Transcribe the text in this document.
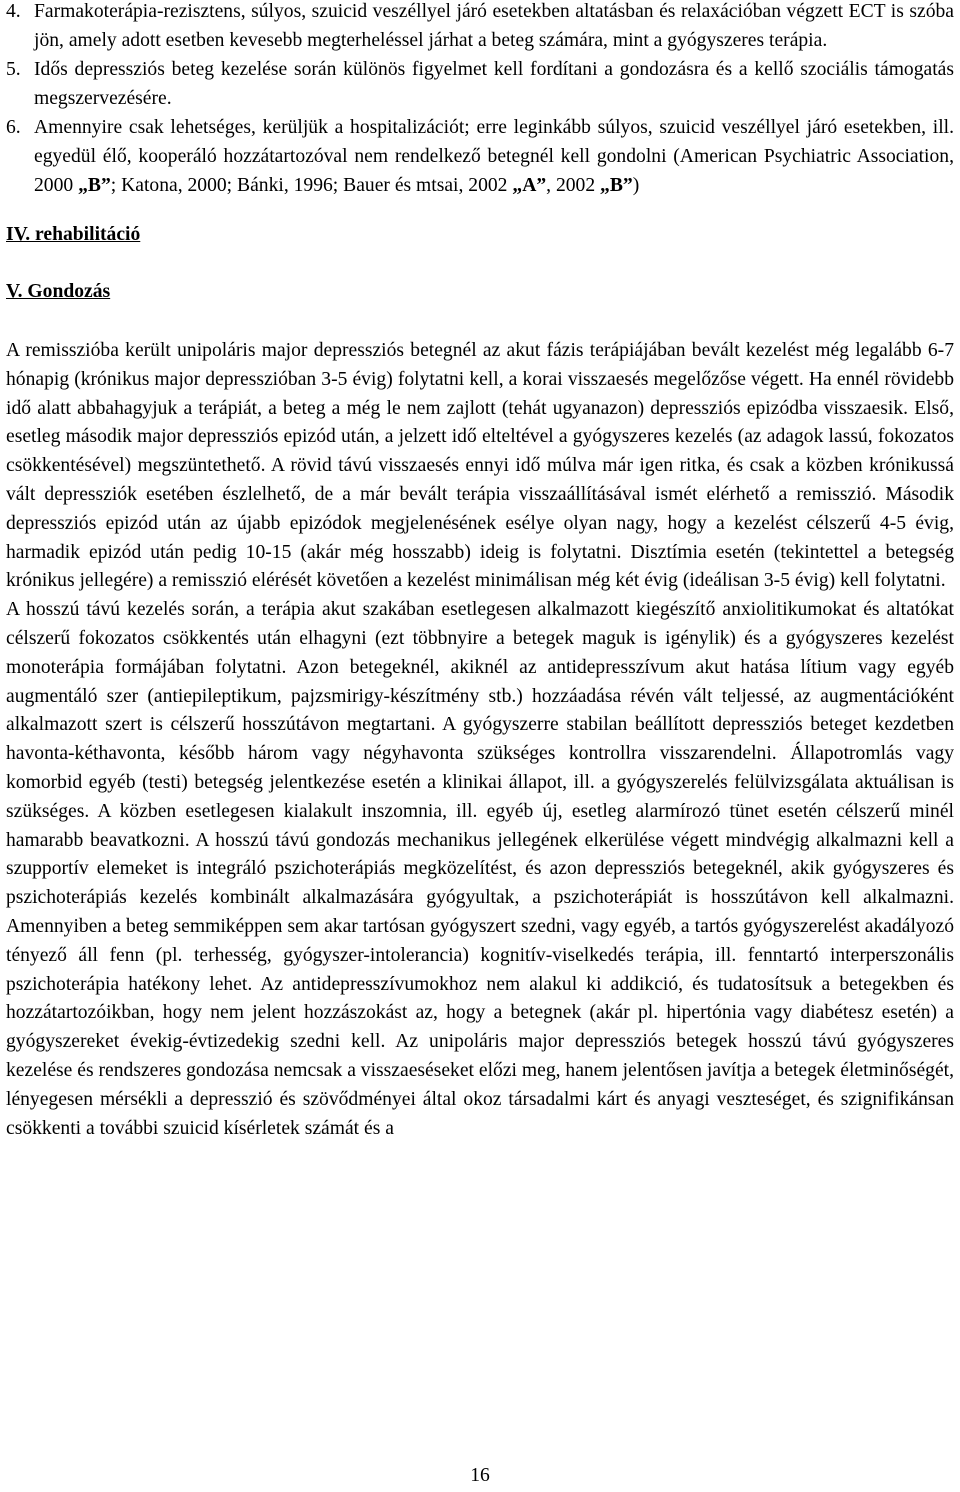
4. Farmakoterápia-rezisztens, súlyos, szuicid veszéllyel járó esetekben altatásban és relaxációban végzett ECT is szóba jön, amely adott esetben kevesebb megterheléssel járhat a beteg számára, mint a gyógyszeres terápia.
5. Idős depressziós beteg kezelése során különös figyelmet kell fordítani a gondozásra és a kellő szociális támogatás megszervezésére.
6. Amennyire csak lehetséges, kerüljük a hospitalizációt; erre leginkább súlyos, szuicid veszéllyel járó esetekben, ill. egyedül élő, kooperáló hozzátartozóval nem rendelkező betegnél kell gondolni (American Psychiatric Association, 2000 „B”; Katona, 2000; Bánki, 1996; Bauer és mtsai, 2002 „A”, 2002 „B”)

IV. rehabilitáció

V. Gondozás

A remisszióba került unipoláris major depressziós betegnél az akut fázis terápiájában bevált kezelést még legalább 6-7 hónapig (krónikus major depresszióban 3-5 évig) folytatni kell, a korai visszaesés megelőzőse végett. Ha ennél rövidebb idő alatt abbahagyjuk a terápiát, a beteg a még le nem zajlott (tehát ugyanazon) depressziós epizódba visszaesik. Első, esetleg második major depressziós epizód után, a jelzett idő elteltével a gyógyszeres kezelés (az adagok lassú, fokozatos csökkentésével) megszüntethető. A rövid távú visszaesés ennyi idő múlva már igen ritka, és csak a közben krónikussá vált depressziók esetében észlelhető, de a már bevált terápia visszaállításával ismét elérhető a remisszió. Második depressziós epizód után az újabb epizódok megjelenésének esélye olyan nagy, hogy a kezelést célszerű 4-5 évig, harmadik epizód után pedig 10-15 (akár még hosszabb) ideig is folytatni. Disztímia esetén (tekintettel a betegség krónikus jellegére) a remisszió elérését követően a kezelést minimálisan még két évig (ideálisan 3-5 évig) kell folytatni.

A hosszú távú kezelés során, a terápia akut szakában esetlegesen alkalmazott kiegészítő anxiolitikumokat és altatókat célszerű fokozatos csökkentés után elhagyni (ezt többnyire a betegek maguk is igénylik) és a gyógyszeres kezelést monoterápia formájában folytatni. Azon betegeknél, akiknél az antidepresszívum akut hatása lítium vagy egyéb augmentáló szer (antiepileptikum, pajzsmirigy-készítmény stb.) hozzáadása révén vált teljessé, az augmentációként alkalmazott szert is célszerű hosszútávon megtartani. A gyógyszerre stabilan beállított depressziós beteget kezdetben havonta-kéthavonta, később három vagy négyhavonta szükséges kontrollra visszarendelni. Állapotromlás vagy komorbid egyéb (testi) betegség jelentkezése esetén a klinikai állapot, ill. a gyógyszerelés felülvizsgálata aktuálisan is szükséges. A közben esetlegesen kialakult inszomnia, ill. egyéb új, esetleg alarmírozó tünet esetén célszerű minél hamarabb beavatkozni. A hosszú távú gondozás mechanikus jellegének elkerülése végett mindvégig alkalmazni kell a szupportív elemeket is integráló pszichoterápiás megközelítést, és azon depressziós betegeknél, akik gyógyszeres és pszichoterápiás kezelés kombinált alkalmazására gyógyultak, a pszichoterápiát is hosszútávon kell alkalmazni. Amennyiben a beteg semmiképpen sem akar tartósan gyógyszert szedni, vagy egyéb, a tartós gyógyszerelést akadályozó tényező áll fenn (pl. terhesség, gyógyszer-intolerancia) kognitív-viselkedés terápia, ill. fenntartó interperszonális pszichoterápia hatékony lehet. Az antidepresszívumokhoz nem alakul ki addikció, és tudatosítsuk a betegekben és hozzátartozóikban, hogy nem jelent hozzászokást az, hogy a betegnek (akár pl. hipertónia vagy diabétesz esetén) a gyógyszereket évekig-évtizedekig szedni kell. Az unipoláris major depressziós betegek hosszú távú gyógyszeres kezelése és rendszeres gondozása nemcsak a visszaeséseket előzi meg, hanem jelentősen javítja a betegek életminőségét, lényegesen mérsékli a depresszió és szövődményei által okoz társadalmi kárt és anyagi veszteséget, és szignifikánsan csökkenti a további szuicid kísérletek számát és a

16
